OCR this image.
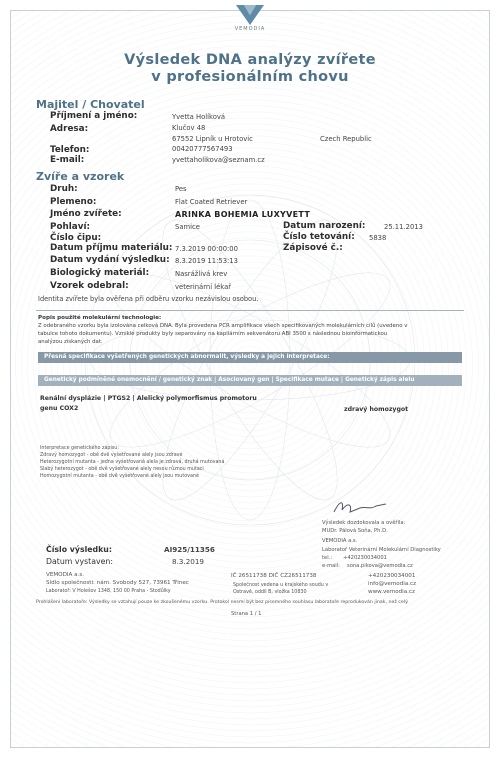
VEMODIA
Výsledek DNA analýzy zvířete
v profesionálním chovu
Majitel / Chovatel
Příjmení a jméno:	Yvetta Holíková
Adresa:	Klučov 48
67552 Lipník u Hrotovic	Czech Republic
Telefon:	00420777567493
E-mail:	yvettaholikova@seznam.cz
Zvíře a vzorek
Druh:	Pes
Plemeno:	Flat Coated Retriever
Jméno zvířete:	ARINKA BOHEMIA LUXYVETT
Pohlaví:	Samice	Datum narození:	25.11.2013
Číslo čipu:	Číslo tetování: 5838
Datum příjmu materiálu: 7.3.2019 00:00:00	Zápisové č.:
Datum vydání výsledku: 8.3.2019 11:53:13
Biologický materiál:	Nasrážlivá krev
Vzorek odebral:	veterinární lékař
Identita zvířete byla ověřena při odběru vzorku nezávislou osobou.
Popis použité molekulární technologie:
Z odebraného vzorku byla izolována celková DNA. Byla provedena PCR amplifikace všech specifikovaných molekulárních cílů (uvedeno v
tabulce tohoto dokumentu). Vzniklé produkty byly separovány na kapilárním sekvenátoru ABI 3500 s následnou bioinformatickou
analýzou získaných dat.
Přesná specifikace vyšetřených genetických abnormalit, výsledky a jejich interpretace:
Genetický podmíněné onemocnění / genetický znak | Asociovaný gen | Specifikace mutace | Genetický zápis alelu
Renální dysplázie | PTGS2 | Alelický polymorfismus promotoru
genu COX2	zdravý homozygot
Interpretace genetického zápisu:
Zdravý homozygot - obě dvě vyšetřované alely jsou zdravé
Heterozygotní mutanta - jedna vyšetřovaná alela je zdravá, druhá mutovaná
Slabý heterozygot - obě dvě vyšetřované alely nesou různou mutaci
Homozygotní mutanta - obě dvě vyšetřované alely jsou mutované
Výsledek dozdokovala a ověřila:
MUDr. Pálová Soňa, Ph.D.
VEMODIA a.s.
Laboratoř Veterinární Molekulární Diagnostiky
tel.: +420230034001
e-mail: sona.pikova@vemodia.cz
Číslo výsledku:	AI925/11356
Datum vystaven:	8.3.2019
VEMODIA a.s.
Sídlo společnosti: nám. Svobody 527, 73961 Třinec
Laboratoř: V Holešov 1348, 150 00 Praha - Stodůlky
IČ 26511738 DIČ CZ26511738
Společnost vedena u krajského soudu v
Ostravě, oddíl B, vložka 10830
+420230034001
info@vemodia.cz
www.vemodia.cz
Prohlášení laboratoře: Výsledky se vztahují pouze ke zkoušenému vzorku. Protokol nesmí být bez písemného souhlasu laboratoře reprodukován jinak, než celý.
Strana 1 / 1
